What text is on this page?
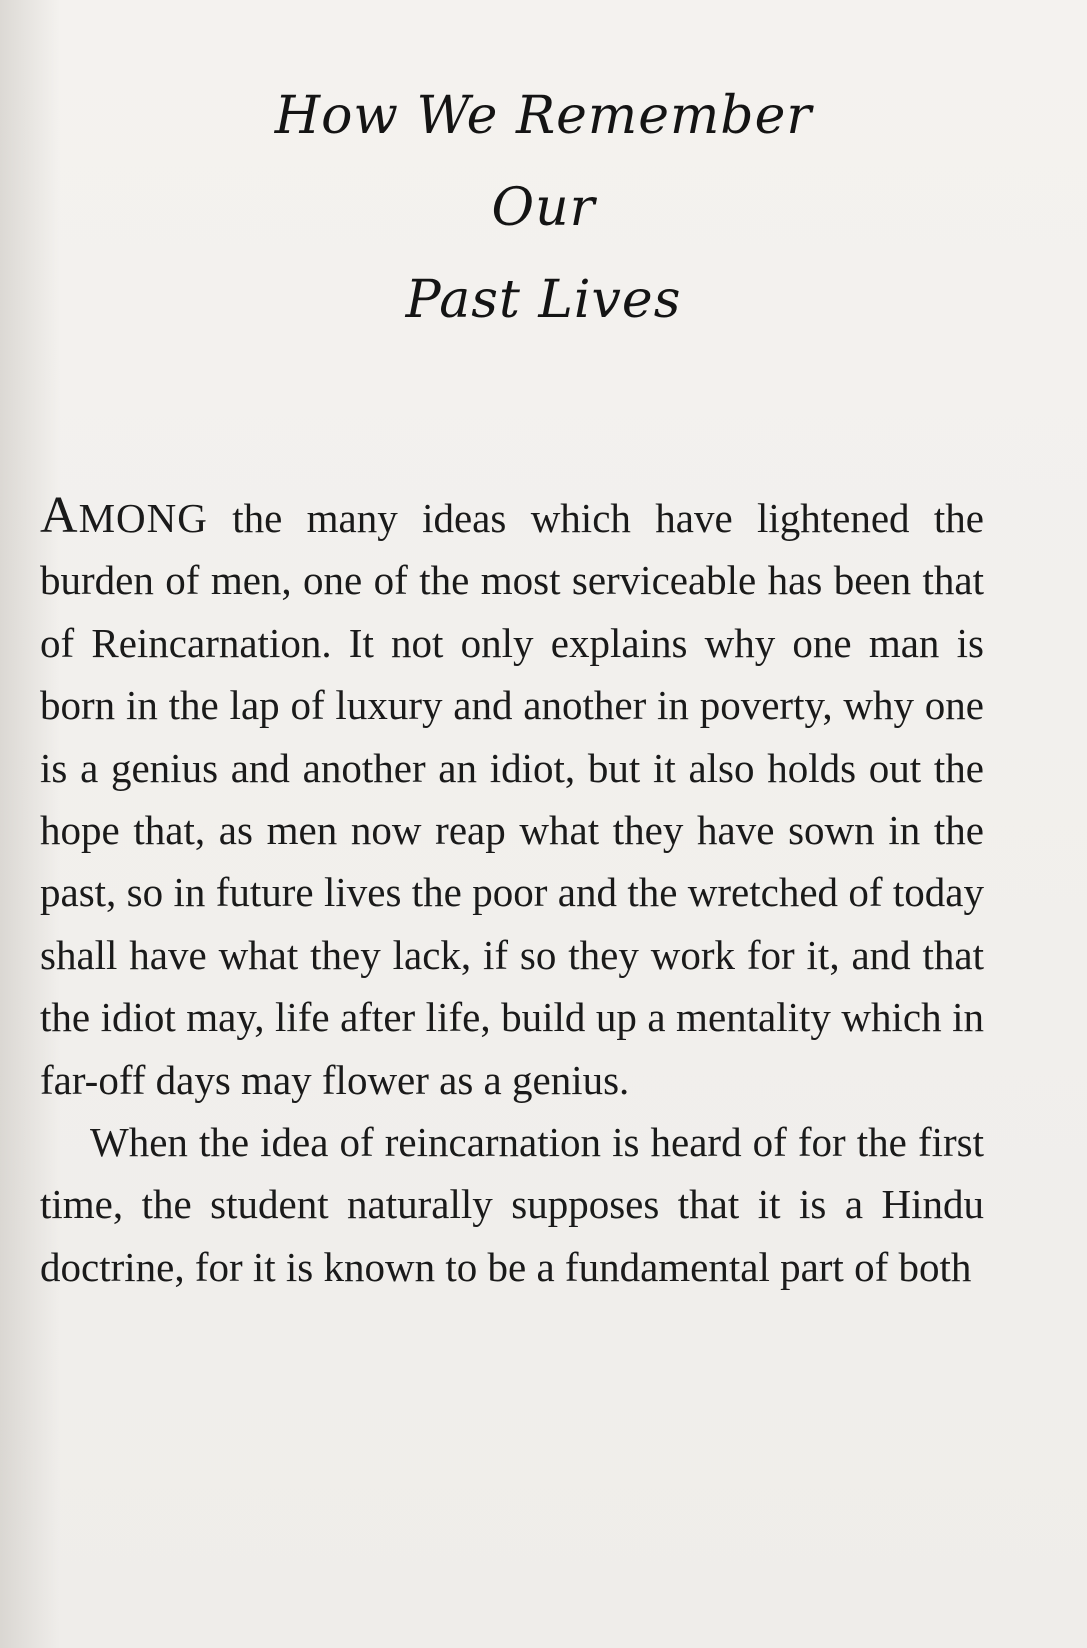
How We Remember
Our
Past Lives

AMONG the many ideas which have lightened the burden of men, one of the most serviceable has been that of Reincarnation. It not only explains why one man is born in the lap of luxury and another in poverty, why one is a genius and another an idiot, but it also holds out the hope that, as men now reap what they have sown in the past, so in future lives the poor and the wretched of today shall have what they lack, if so they work for it, and that the idiot may, life after life, build up a mentality which in far-off days may flower as a genius.

When the idea of reincarnation is heard of for the first time, the student naturally supposes that it is a Hindu doctrine, for it is known to be a fundamental part of both
